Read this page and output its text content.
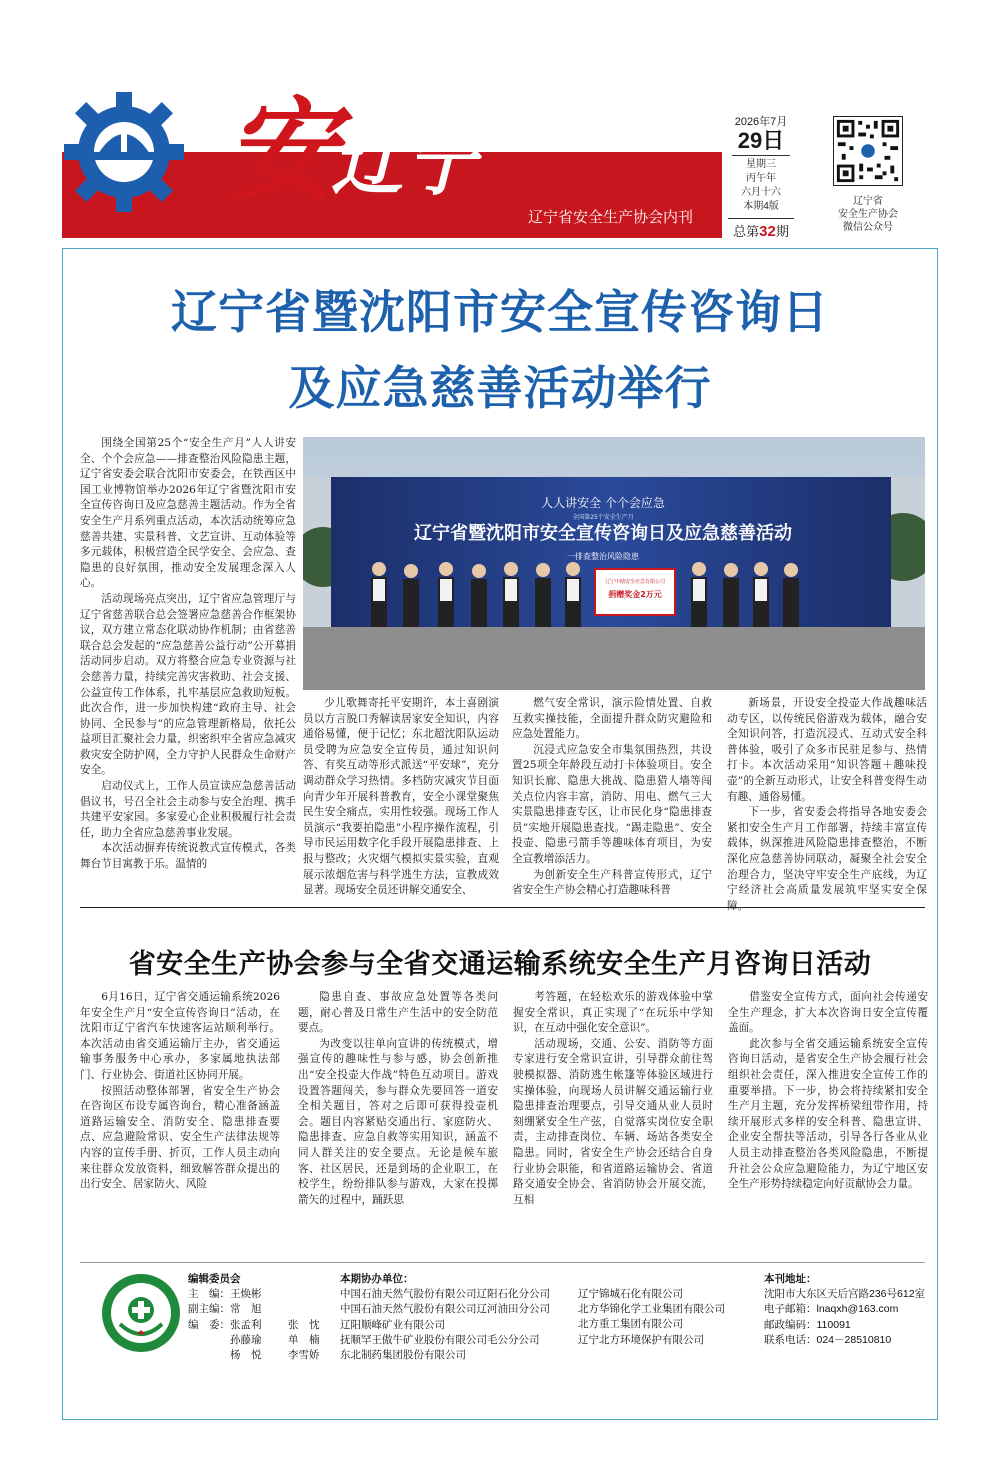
安辽宁
辽宁省安全生产协会内刊
2026年7月
29日
星期三
丙午年
六月十六
本期4版
总第32期
辽宁省
安全生产协会
微信公众号
辽宁省暨沈阳市安全宣传咨询日
及应急慈善活动举行

围绕全国第25个“安全生产月”人人讲安全、个个会应急——排查整治风险隐患主题，辽宁省安委会联合沈阳市安委会，在铁西区中国工业博物馆举办2026年辽宁省暨沈阳市安全宣传咨询日及应急慈善主题活动。作为全省安全生产月系列重点活动，本次活动统筹应急慈善共建、实景科普、文艺宣讲、互动体验等多元载体，积极营造全民学安全、会应急、查隐患的良好氛围，推动安全发展理念深入人心。

活动现场亮点突出，辽宁省应急管理厅与辽宁省慈善联合总会签署应急慈善合作框架协议，双方建立常态化联动协作机制；由省慈善联合总会发起的“应急慈善公益行动”公开募捐活动同步启动。双方将整合应急专业资源与社会慈善力量，持续完善灾害救助、社会支援、公益宣传工作体系，扎牢基层应急救助短板。此次合作，进一步加快构建“政府主导、社会协同、全民参与”的应急管理新格局，依托公益项目汇聚社会力量，织密织牢全省应急减灾救灾安全防护网，全力守护人民群众生命财产安全。

启动仪式上，工作人员宣读应急慈善活动倡议书，号召全社会主动参与安全治理、携手共建平安家园。多家爱心企业积极履行社会责任，助力全省应急慈善事业发展。

本次活动摒弃传统说教式宣传模式，各类舞台节目寓教于乐。温情的

人人讲安全 个个会应急
全国第25个安全生产月
辽宁省暨沈阳市安全宣传咨询日及应急慈善活动
一排查整治风险隐患
辽宁中储安全应急有限公司
捐赠奖金2万元

少儿歌舞寄托平安期许，本土喜剧演员以方言脱口秀解读居家安全知识，内容通俗易懂，便于记忆；东北超沈阳队运动员受聘为应急安全宣传员，通过知识问答、有奖互动等形式派送“平安球”，充分调动群众学习热情。多档防灾减灾节目面向青少年开展科普教育，安全小课堂聚焦民生安全痛点，实用性较强。现场工作人员演示“我要拍隐患”小程序操作流程，引导市民运用数字化手段开展隐患排查、上报与整改；火灾烟气模拟实景实验，直观展示浓烟危害与科学逃生方法，宣教成效显著。现场安全员还讲解交通安全、

燃气安全常识，演示险情处置、自救互救实操技能，全面提升群众防灾避险和应急处置能力。

沉浸式应急安全市集氛围热烈，共设置25项全年龄段互动打卡体验项目。安全知识长廊、隐患大挑战、隐患猎人墙等闯关点位内容丰富，消防、用电、燃气三大实景隐患排查专区，让市民化身“隐患排查员”实地开展隐患查找。“踢走隐患”、安全投壶、隐患弓箭手等趣味体育项目，为安全宣教增添活力。

为创新安全生产科普宣传形式，辽宁省安全生产协会精心打造趣味科普

新场景，开设安全投壶大作战趣味活动专区，以传统民俗游戏为载体，融合安全知识问答，打造沉浸式、互动式安全科普体验，吸引了众多市民驻足参与、热情打卡。本次活动采用“知识答题＋趣味投壶”的全新互动形式，让安全科普变得生动有趣、通俗易懂。

下一步，省安委会将指导各地安委会紧扣安全生产月工作部署，持续丰富宣传载体，纵深推进风险隐患排查整治，不断深化应急慈善协同联动，凝聚全社会安全治理合力，坚决守牢安全生产底线，为辽宁经济社会高质量发展筑牢坚实安全保障。

省安全生产协会参与全省交通运输系统安全生产月咨询日活动

6月16日，辽宁省交通运输系统2026年安全生产月“安全宣传咨询日”活动，在沈阳市辽宁省汽车快速客运站顺利举行。本次活动由省交通运输厅主办，省交通运输事务服务中心承办，多家属地执法部门、行业协会、街道社区协同开展。

按照活动整体部署，省安全生产协会在咨询区布设专属咨询台，精心准备涵盖道路运输安全、消防安全、隐患排查要点、应急避险常识、安全生产法律法规等内容的宣传手册、折页，工作人员主动向来往群众发放资料，细致解答群众提出的出行安全、居家防火、风险

隐患自查、事故应急处置等各类问题，耐心普及日常生产生活中的安全防范要点。

为改变以往单向宣讲的传统模式，增强宣传的趣味性与参与感，协会创新推出“安全投壶大作战”特色互动项目。游戏设置答题闯关，参与群众先要回答一道安全相关题目，答对之后即可获得投壶机会。题目内容紧贴交通出行、家庭防火、隐患排查、应急自救等实用知识，涵盖不同人群关注的安全要点。无论是候车旅客、社区居民，还是到场的企业职工，在校学生，纷纷排队参与游戏，大家在投掷箭矢的过程中，踊跃思

考答题，在轻松欢乐的游戏体验中掌握安全常识，真正实现了“在玩乐中学知识，在互动中强化安全意识”。

活动现场，交通、公安、消防等方面专家进行安全常识宣讲，引导群众前往驾驶模拟器、消防逃生帐篷等体验区域进行实操体验，向现场人员讲解交通运输行业隐患排查治理要点，引导交通从业人员时刻绷紧安全生产弦，自觉落实岗位安全职责，主动排查岗位、车辆、场站各类安全隐患。同时，省安全生产协会还结合自身行业协会职能，和省道路运输协会、省道路交通安全协会、省消防协会开展交流，互相

借鉴安全宣传方式，面向社会传递安全生产理念，扩大本次咨询日安全宣传覆盖面。

此次参与全省交通运输系统安全宣传咨询日活动，是省安全生产协会履行社会组织社会责任，深入推进安全宣传工作的重要举措。下一步，协会将持续紧扣安全生产月主题，充分发挥桥梁纽带作用，持续开展形式多样的安全科普、隐患宣讲、企业安全帮扶等活动，引导各行各业从业人员主动排查整治各类风险隐患，不断提升社会公众应急避险能力，为辽宁地区安全生产形势持续稳定向好贡献协会力量。

编辑委员会
主　编：王焕彬
副主编：常　旭
编　委：张孟利	张　忱
孙藤瑜	单　楠
杨　悦	李雪娇
本期协办单位：
中国石油天然气股份有限公司辽阳石化分公司
中国石油天然气股份有限公司辽河油田分公司
辽阳顺峰矿业有限公司
抚顺罕王傲牛矿业股份有限公司毛公分公司
东北制药集团股份有限公司
辽宁锦城石化有限公司
北方华锦化学工业集团有限公司
北方重工集团有限公司
辽宁北方环境保护有限公司
本刊地址：
沈阳市大东区天后宫路236号612室
电子邮箱：lnaqxh@163.com
邮政编码：110091
联系电话：024－28510810
